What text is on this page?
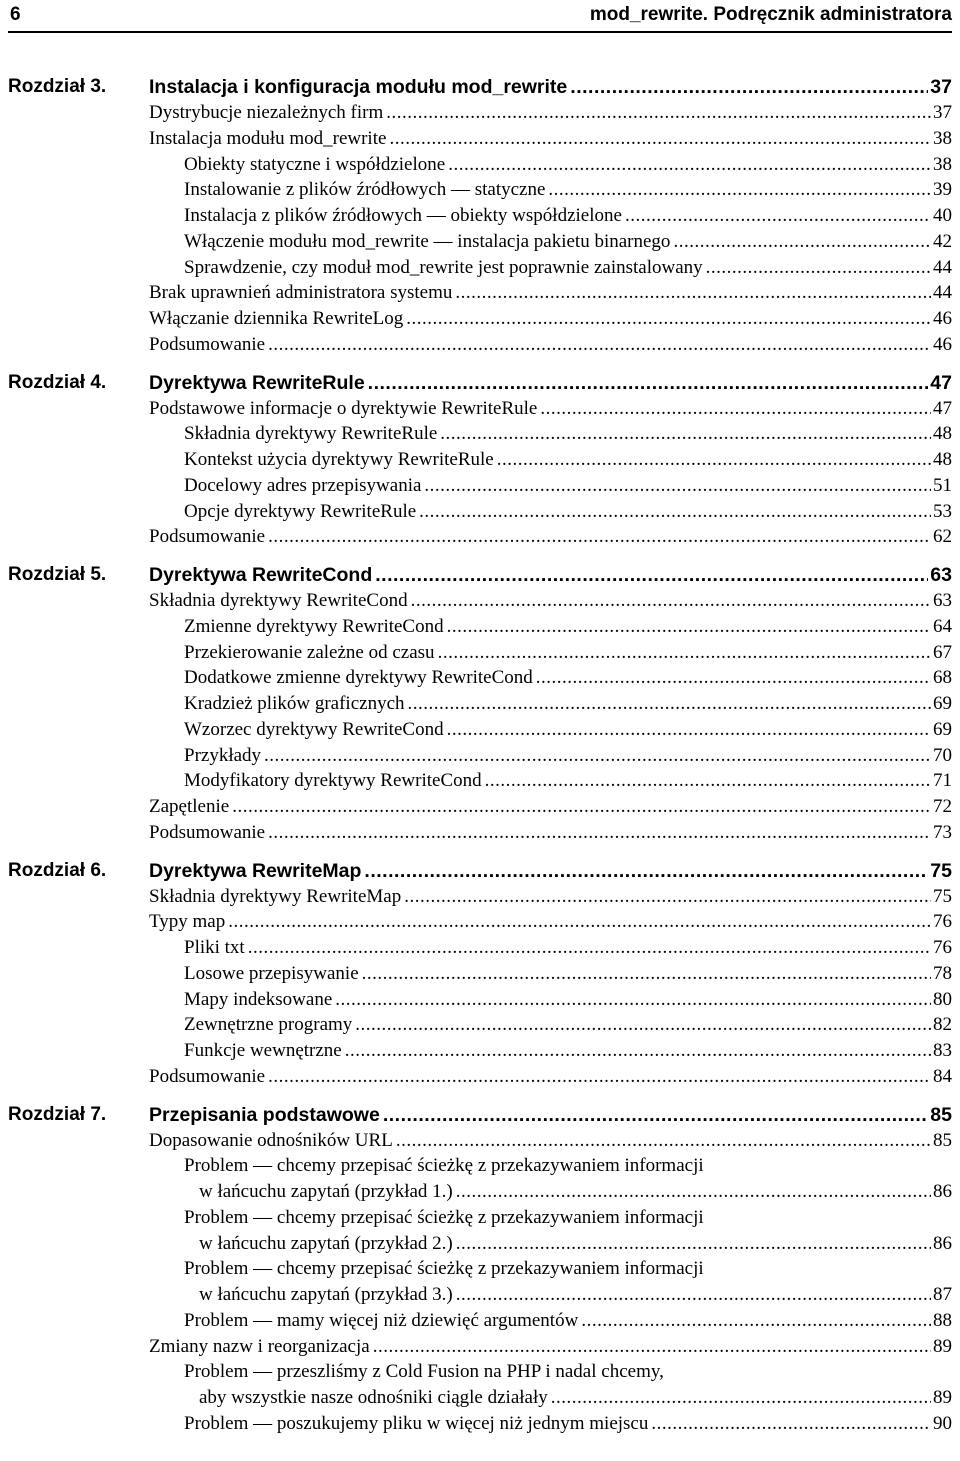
6	mod_rewrite. Podręcznik administratora
Rozdział 3. Instalacja i konfiguracja modułu mod_rewrite .....	37
Dystrybucje niezależnych firm .....	37
Instalacja modułu mod_rewrite .....	38
Obiekty statyczne i współdzielone .....	38
Instalowanie z plików źródłowych — statyczne .....	39
Instalacja z plików źródłowych — obiekty współdzielone .....	40
Włączenie modułu mod_rewrite — instalacja pakietu binarnego .....	42
Sprawdzenie, czy moduł mod_rewrite jest poprawnie zainstalowany .....	44
Brak uprawnień administratora systemu .....	44
Włączanie dziennika RewriteLog .....	46
Podsumowanie .....	46
Rozdział 4. Dyrektywa RewriteRule .....	47
Podstawowe informacje o dyrektywie RewriteRule .....	47
Składnia dyrektywy RewriteRule .....	48
Kontekst użycia dyrektywy RewriteRule .....	48
Docelowy adres przepisywania .....	51
Opcje dyrektywy RewriteRule .....	53
Podsumowanie .....	62
Rozdział 5. Dyrektywa RewriteCond .....	63
Składnia dyrektywy RewriteCond .....	63
Zmienne dyrektywy RewriteCond .....	64
Przekierowanie zależne od czasu .....	67
Dodatkowe zmienne dyrektywy RewriteCond .....	68
Kradzież plików graficznych .....	69
Wzorzec dyrektywy RewriteCond .....	69
Przykłady .....	70
Modyfikatory dyrektywy RewriteCond .....	71
Zapętlenie .....	72
Podsumowanie .....	73
Rozdział 6. Dyrektywa RewriteMap .....	75
Składnia dyrektywy RewriteMap .....	75
Typy map .....	76
Pliki txt .....	76
Losowe przepisywanie .....	78
Mapy indeksowane .....	80
Zewnętrzne programy .....	82
Funkcje wewnętrzne .....	83
Podsumowanie .....	84
Rozdział 7. Przepisania podstawowe .....	85
Dopasowanie odnośników URL .....	85
Problem — chcemy przepisać ścieżkę z przekazywaniem informacji
w łańcuchu zapytań (przykład 1.) .....	86
Problem — chcemy przepisać ścieżkę z przekazywaniem informacji
w łańcuchu zapytań (przykład 2.) .....	86
Problem — chcemy przepisać ścieżkę z przekazywaniem informacji
w łańcuchu zapytań (przykład 3.) .....	87
Problem — mamy więcej niż dziewięć argumentów .....	88
Zmiany nazw i reorganizacja .....	89
Problem — przeszliśmy z Cold Fusion na PHP i nadal chcemy,
aby wszystkie nasze odnośniki ciągle działały .....	89
Problem — poszukujemy pliku w więcej niż jednym miejscu .....	90
